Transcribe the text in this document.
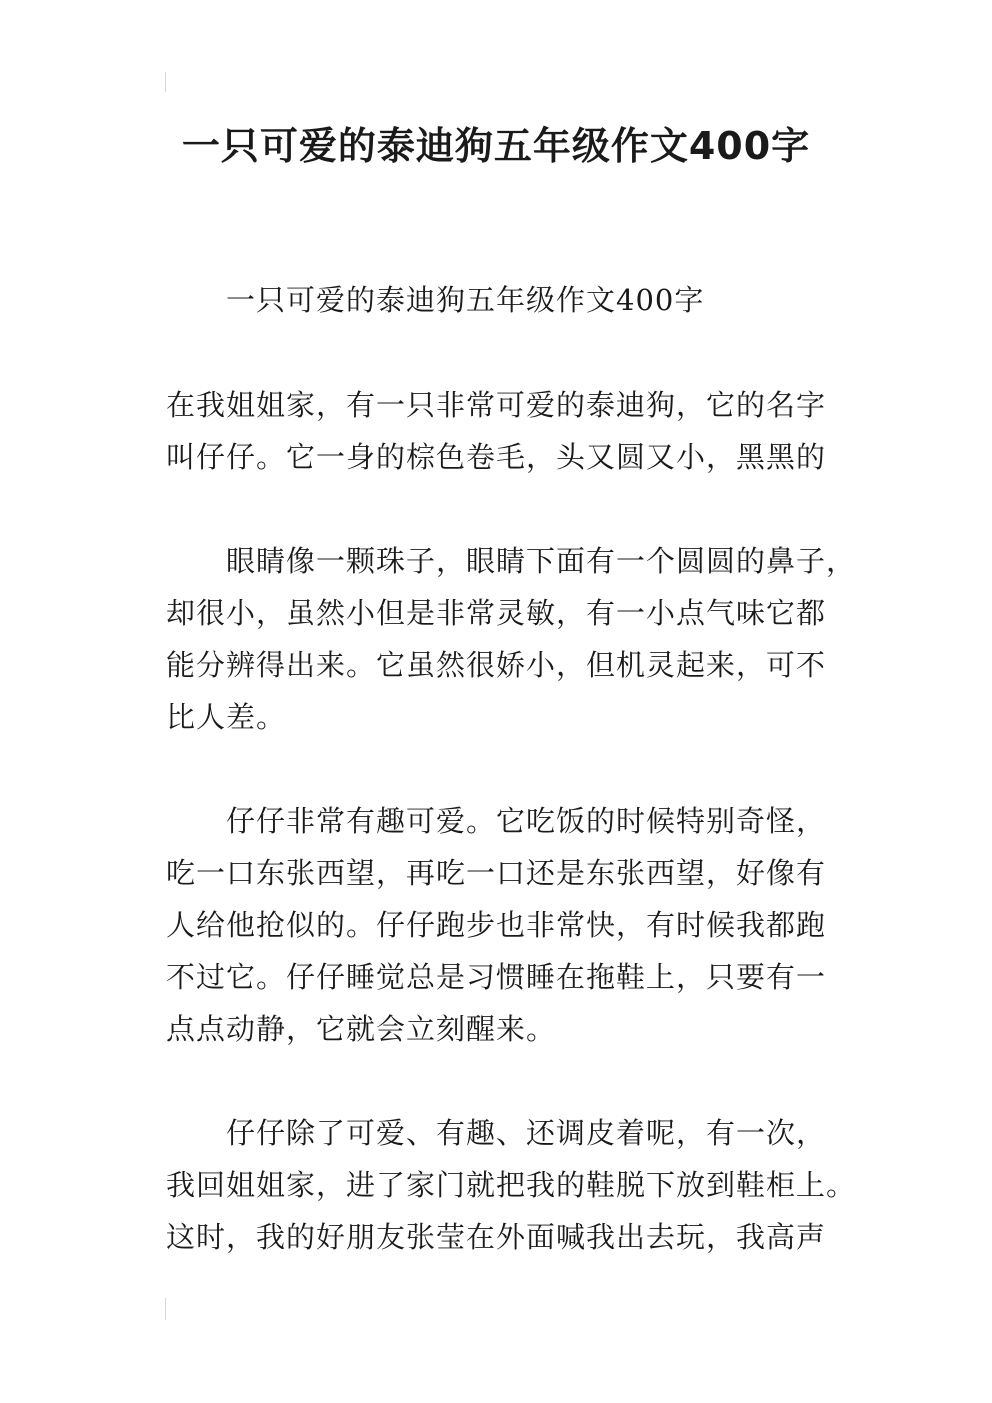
一只可爱的泰迪狗五年级作文400字
一只可爱的泰迪狗五年级作文400字
在我姐姐家，有一只非常可爱的泰迪狗，它的名字
叫仔仔。它一身的棕色卷毛，头又圆又小，黑黑的
眼睛像一颗珠子，眼睛下面有一个圆圆的鼻子，
却很小，虽然小但是非常灵敏，有一小点气味它都
能分辨得出来。它虽然很娇小，但机灵起来，可不
比人差。
仔仔非常有趣可爱。它吃饭的时候特别奇怪，
吃一口东张西望，再吃一口还是东张西望，好像有
人给他抢似的。仔仔跑步也非常快，有时候我都跑
不过它。仔仔睡觉总是习惯睡在拖鞋上，只要有一
点点动静，它就会立刻醒来。
仔仔除了可爱、有趣、还调皮着呢，有一次，
我回姐姐家，进了家门就把我的鞋脱下放到鞋柜上。
这时，我的好朋友张莹在外面喊我出去玩，我高声
